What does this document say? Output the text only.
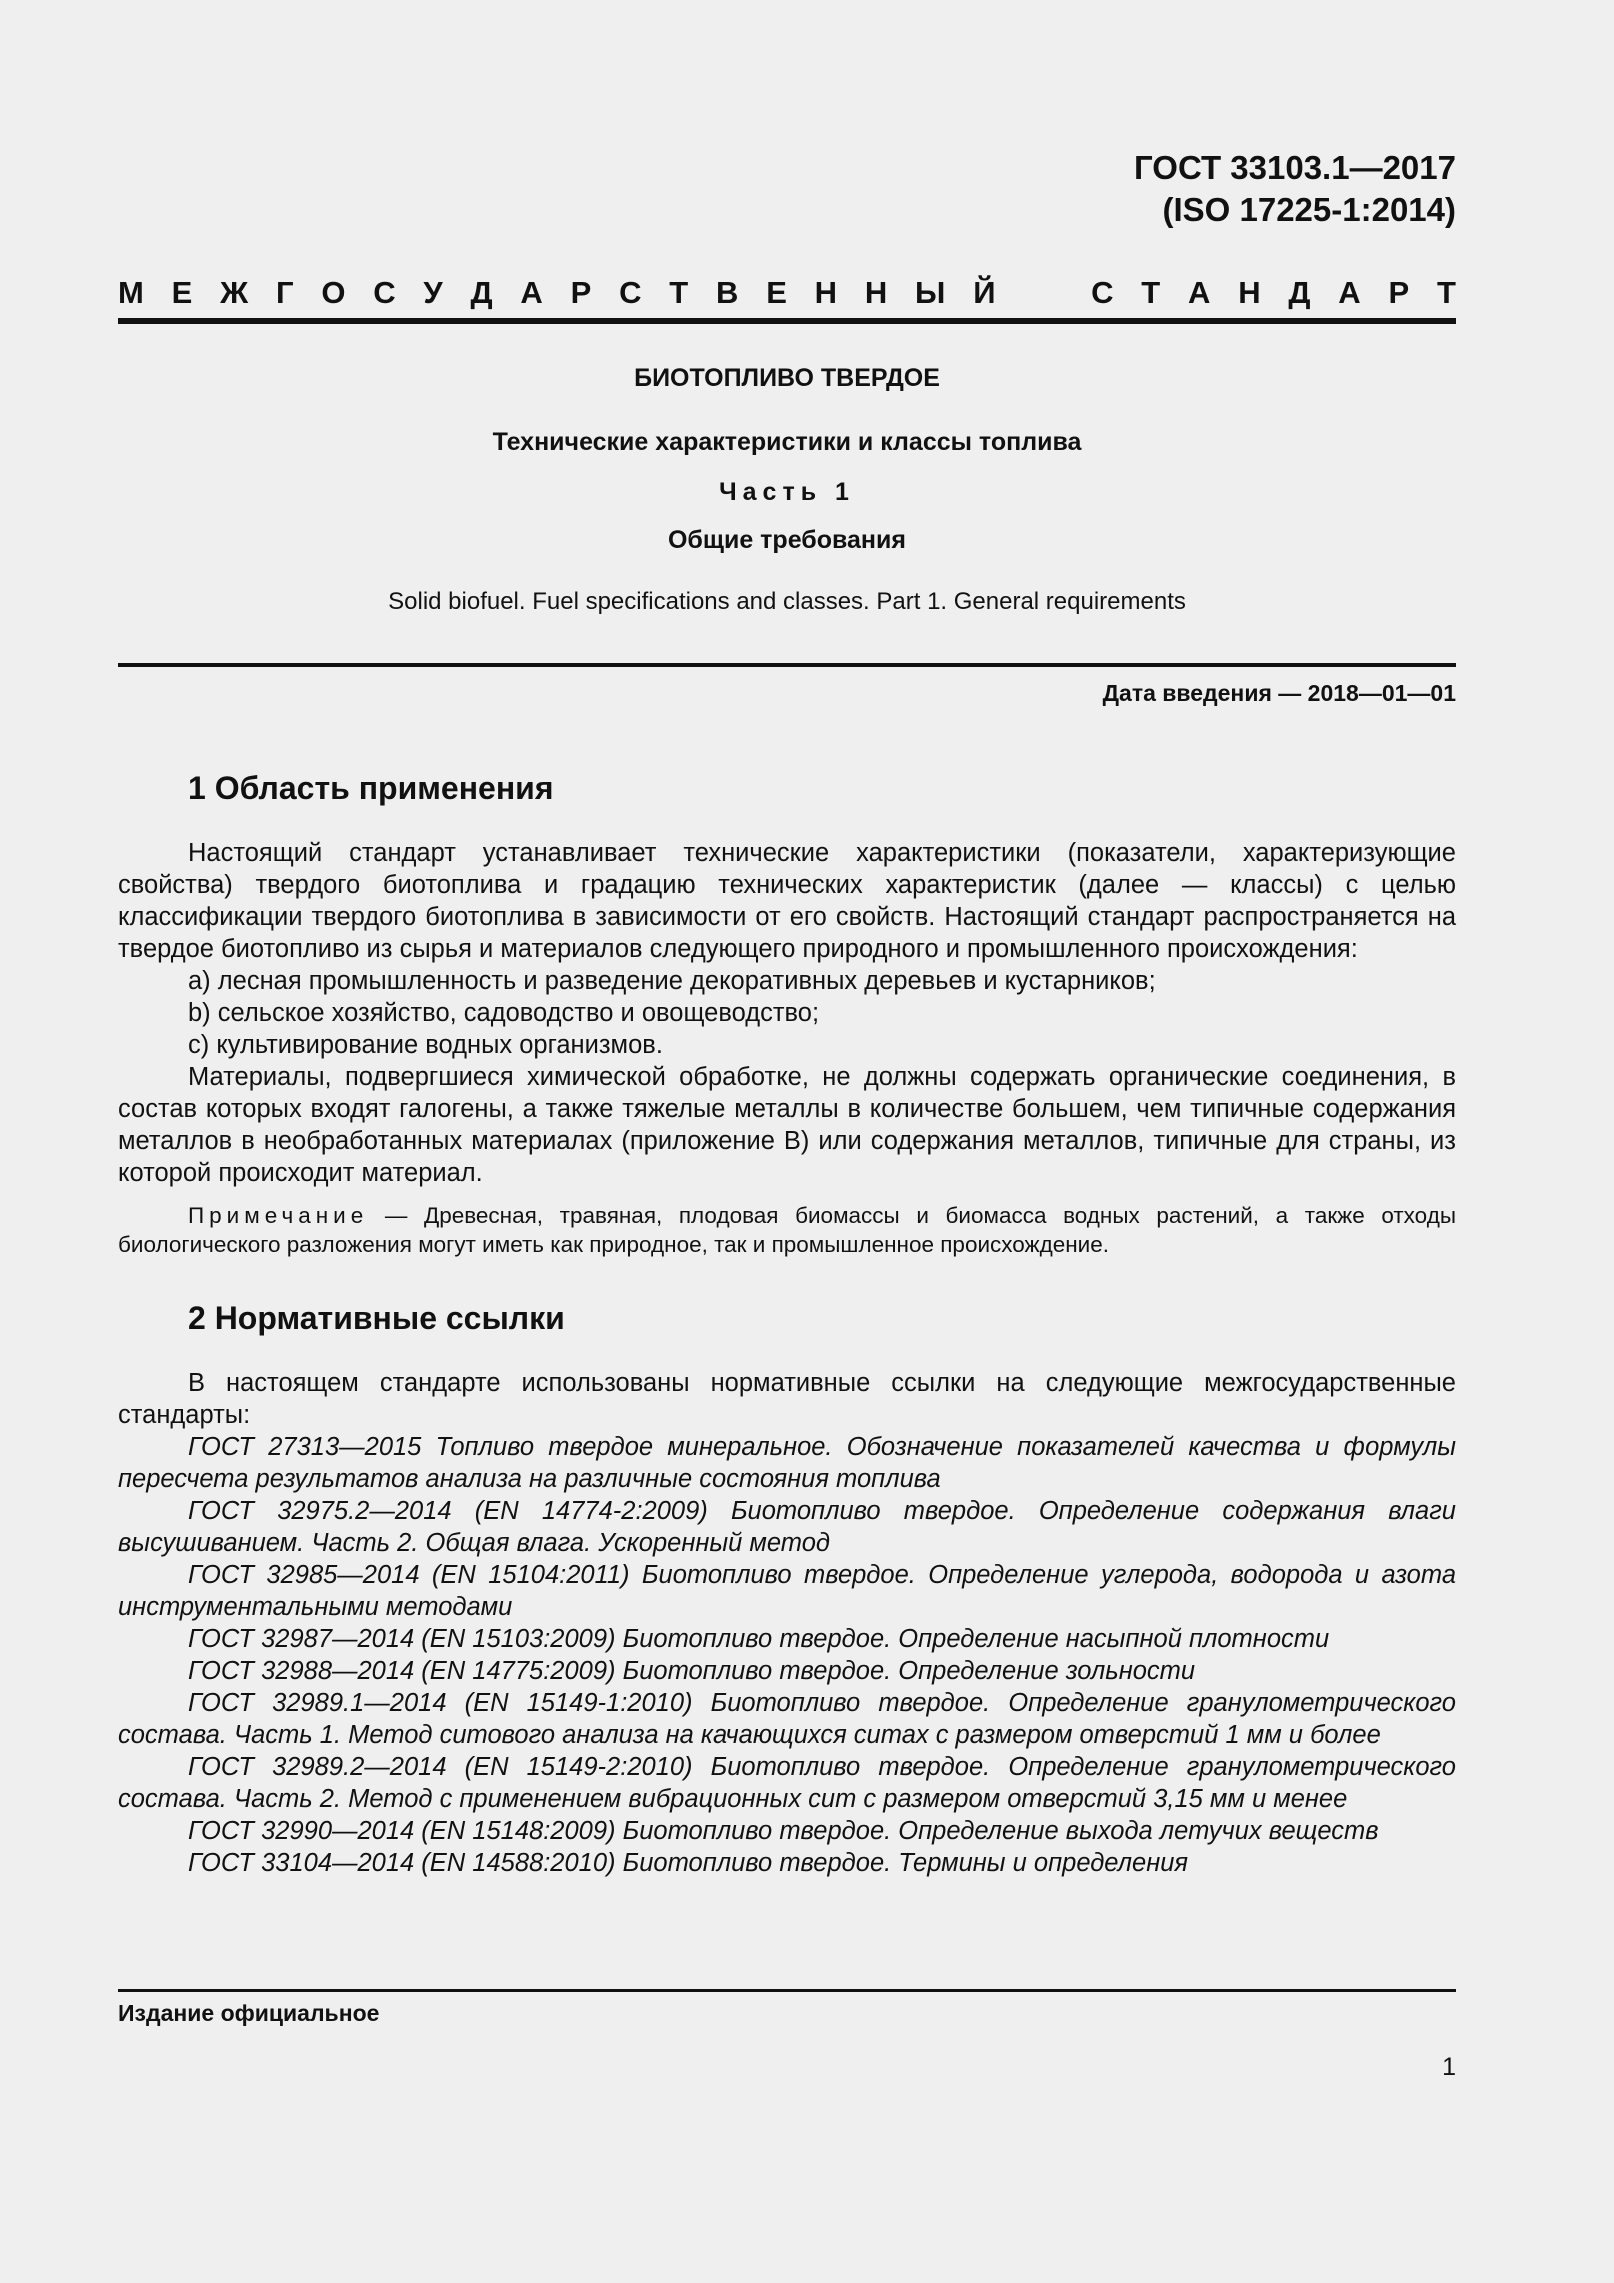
ГОСТ 33103.1—2017
(ISO 17225-1:2014)
М Е Ж Г О С У Д А Р С Т В Е Н Н Ы Й	С Т А Н Д А Р Т
БИОТОПЛИВО ТВЕРДОЕ
Технические характеристики и классы топлива
Часть 1
Общие требования
Solid biofuel. Fuel specifications and classes. Part 1. General requirements
Дата введения — 2018—01—01
1 Область применения

Настоящий стандарт устанавливает технические характеристики (показатели, характеризующие свойства) твердого биотоплива и градацию технических характеристик (далее — классы) с целью классификации твердого биотоплива в зависимости от его свойств. Настоящий стандарт распространяется на твердое биотопливо из сырья и материалов следующего природного и промышленного происхождения:

а) лесная промышленность и разведение декоративных деревьев и кустарников;

b) сельское хозяйство, садоводство и овощеводство;

с) культивирование водных организмов.

Материалы, подвергшиеся химической обработке, не должны содержать органические соединения, в состав которых входят галогены, а также тяжелые металлы в количестве большем, чем типичные содержания металлов в необработанных материалах (приложение В) или содержания металлов, типичные для страны, из которой происходит материал.

Примечание — Древесная, травяная, плодовая биомассы и биомасса водных растений, а также отходы биологического разложения могут иметь как природное, так и промышленное происхождение.

2 Нормативные ссылки

В настоящем стандарте использованы нормативные ссылки на следующие межгосударственные стандарты:

ГОСТ 27313—2015 Топливо твердое минеральное. Обозначение показателей качества и формулы пересчета результатов анализа на различные состояния топлива

ГОСТ 32975.2—2014 (EN 14774-2:2009) Биотопливо твердое. Определение содержания влаги высушиванием. Часть 2. Общая влага. Ускоренный метод

ГОСТ 32985—2014 (EN 15104:2011) Биотопливо твердое. Определение углерода, водорода и азота инструментальными методами

ГОСТ 32987—2014 (EN 15103:2009) Биотопливо твердое. Определение насыпной плотности

ГОСТ 32988—2014 (EN 14775:2009) Биотопливо твердое. Определение зольности

ГОСТ 32989.1—2014 (EN 15149-1:2010) Биотопливо твердое. Определение гранулометрического состава. Часть 1. Метод ситового анализа на качающихся ситах с размером отверстий 1 мм и более

ГОСТ 32989.2—2014 (EN 15149-2:2010) Биотопливо твердое. Определение гранулометрического состава. Часть 2. Метод с применением вибрационных сит с размером отверстий 3,15 мм и менее

ГОСТ 32990—2014 (EN 15148:2009) Биотопливо твердое. Определение выхода летучих веществ

ГОСТ 33104—2014 (EN 14588:2010) Биотопливо твердое. Термины и определения

Издание официальное
1
